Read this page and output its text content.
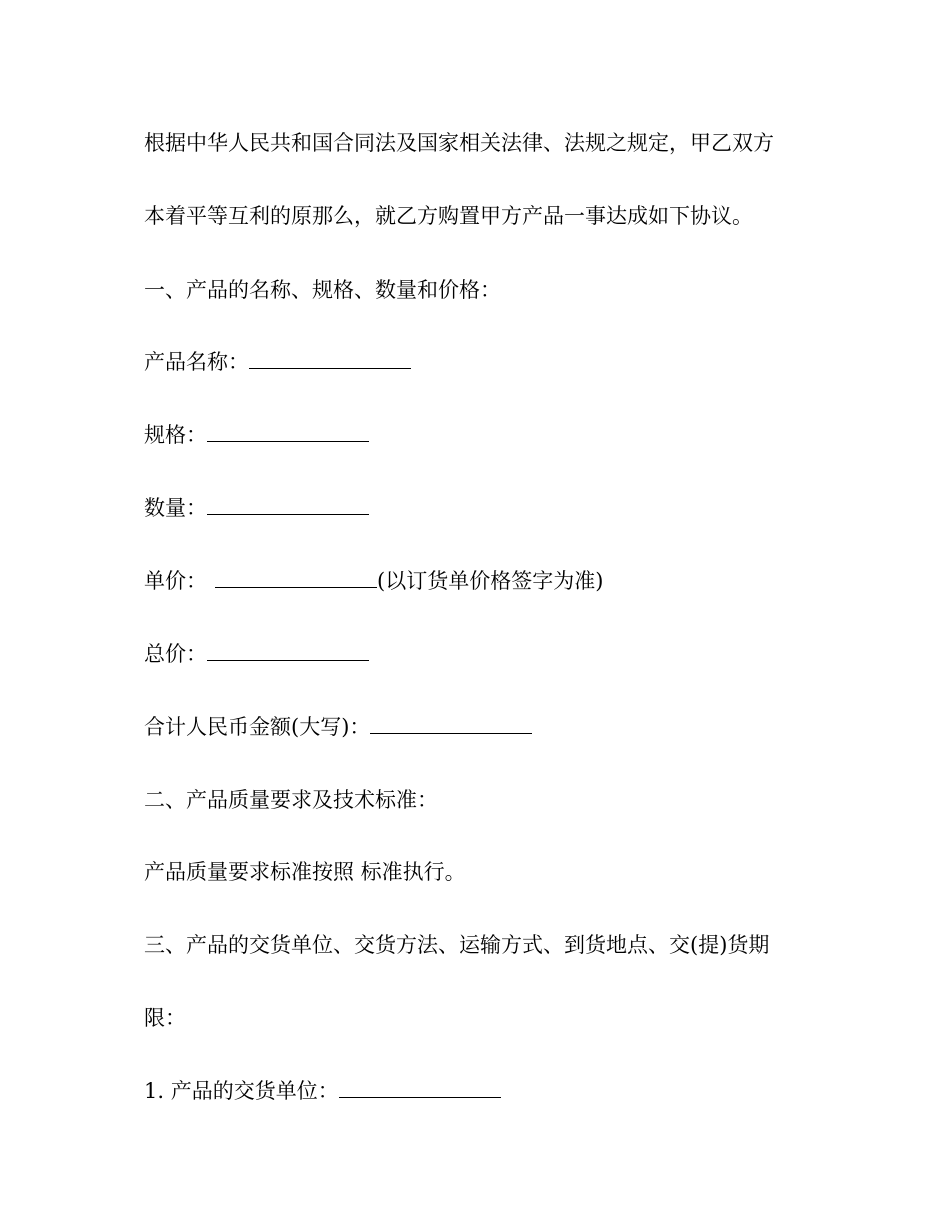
根据中华人民共和国合同法及国家相关法律、法规之规定，甲乙双方
本着平等互利的原那么，就乙方购置甲方产品一事达成如下协议。
一、产品的名称、规格、数量和价格：
产品名称：
规格：
数量：
单价：	(以订货单价格签字为准)
总价：
合计人民币金额(大写)：
二、产品质量要求及技术标准：
产品质量要求标准按照 标准执行。
三、产品的交货单位、交货方法、运输方式、到货地点、交(提)货期
限：
1. 产品的交货单位：
